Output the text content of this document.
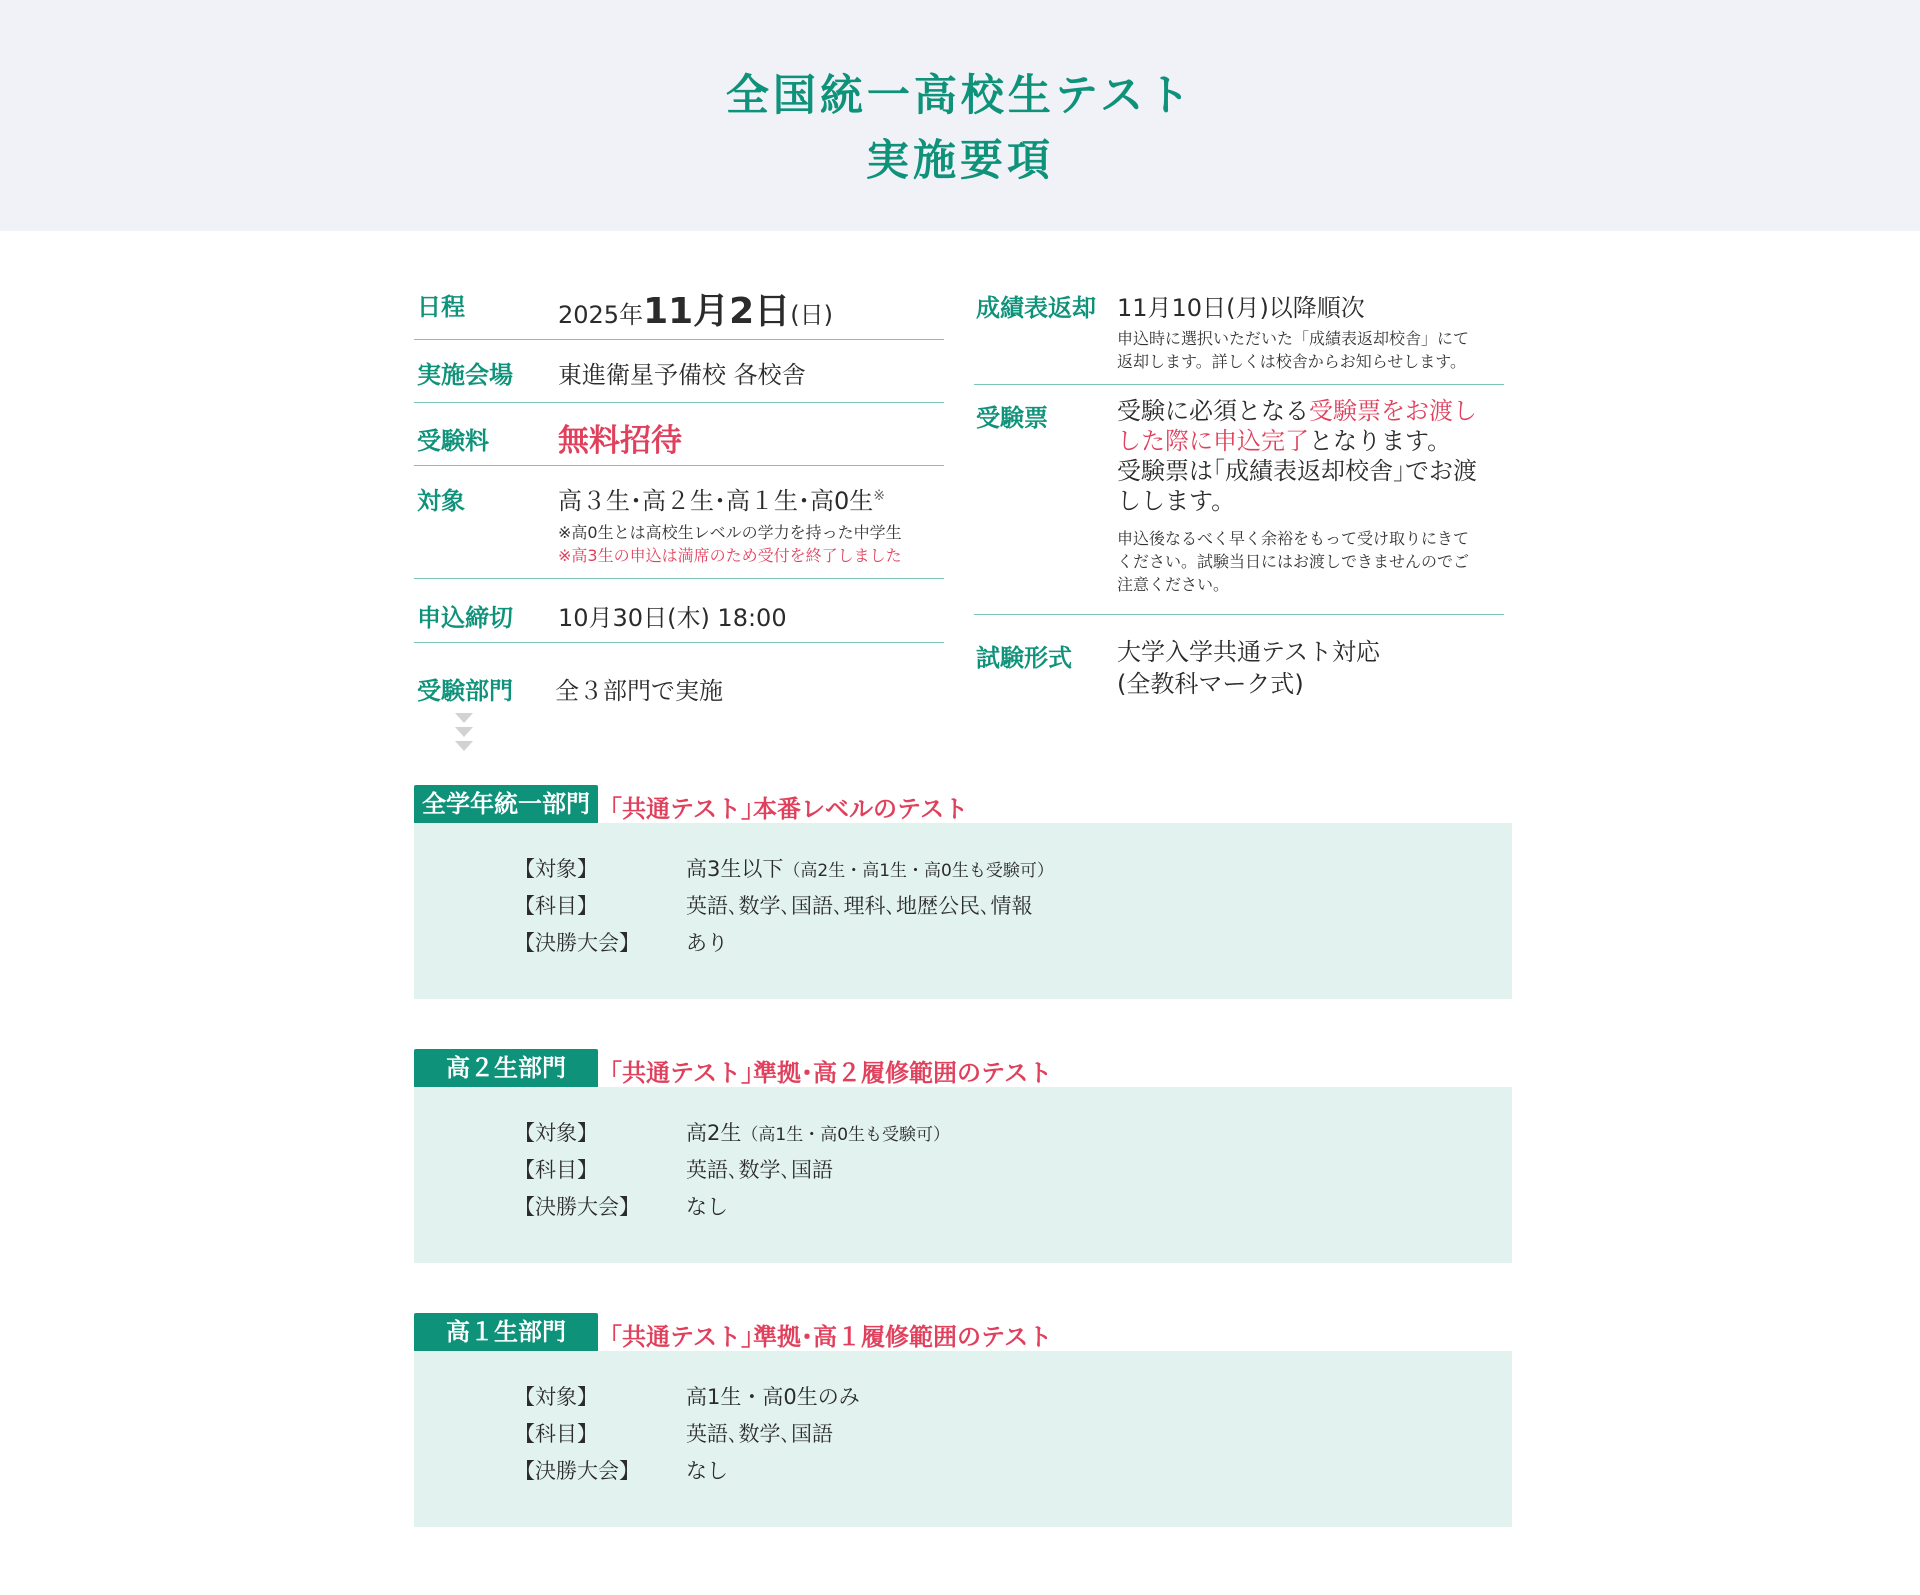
全国統一高校生テスト
実施要項
日程	2025年11月2日(日)
実施会場 東進衛星予備校 各校舎
受験料 無料招待
対象	高３生･高２生･高１生･高0生※
※高0生とは高校生レベルの学力を持った中学生
※高3生の申込は満席のため受付を終了しました
申込締切 10月30日(木) 18:00
受験部門 全３部門で実施
成績表返却 11月10日(月)以降順次
申込時に選択いただいた「成績表返却校舎」にて
返却します。詳しくは校舎からお知らせします。
受験票	受験に必須となる受験票をお渡し
した際に申込完了となります。
受験票は｢成績表返却校舎｣でお渡
しします。
申込後なるべく早く余裕をもって受け取りにきて
ください。試験当日にはお渡しできませんのでご
注意ください。
試験形式 大学入学共通テスト対応
(全教科マーク式)
全学年統一部門 ｢共通テスト｣本番レベルのテスト
【対象】	高3生以下（高2生・高1生・高0生も受験可）
【科目】	英語､数学､国語､理科､地歴公民､情報
【決勝大会】 あり
高２生部門	｢共通テスト｣準拠･高２履修範囲のテスト
【対象】	高2生（高1生・高0生も受験可）
【科目】	英語､数学､国語
【決勝大会】 なし
高１生部門	｢共通テスト｣準拠･高１履修範囲のテスト
【対象】	高1生・高0生のみ
【科目】	英語､数学､国語
【決勝大会】 なし
